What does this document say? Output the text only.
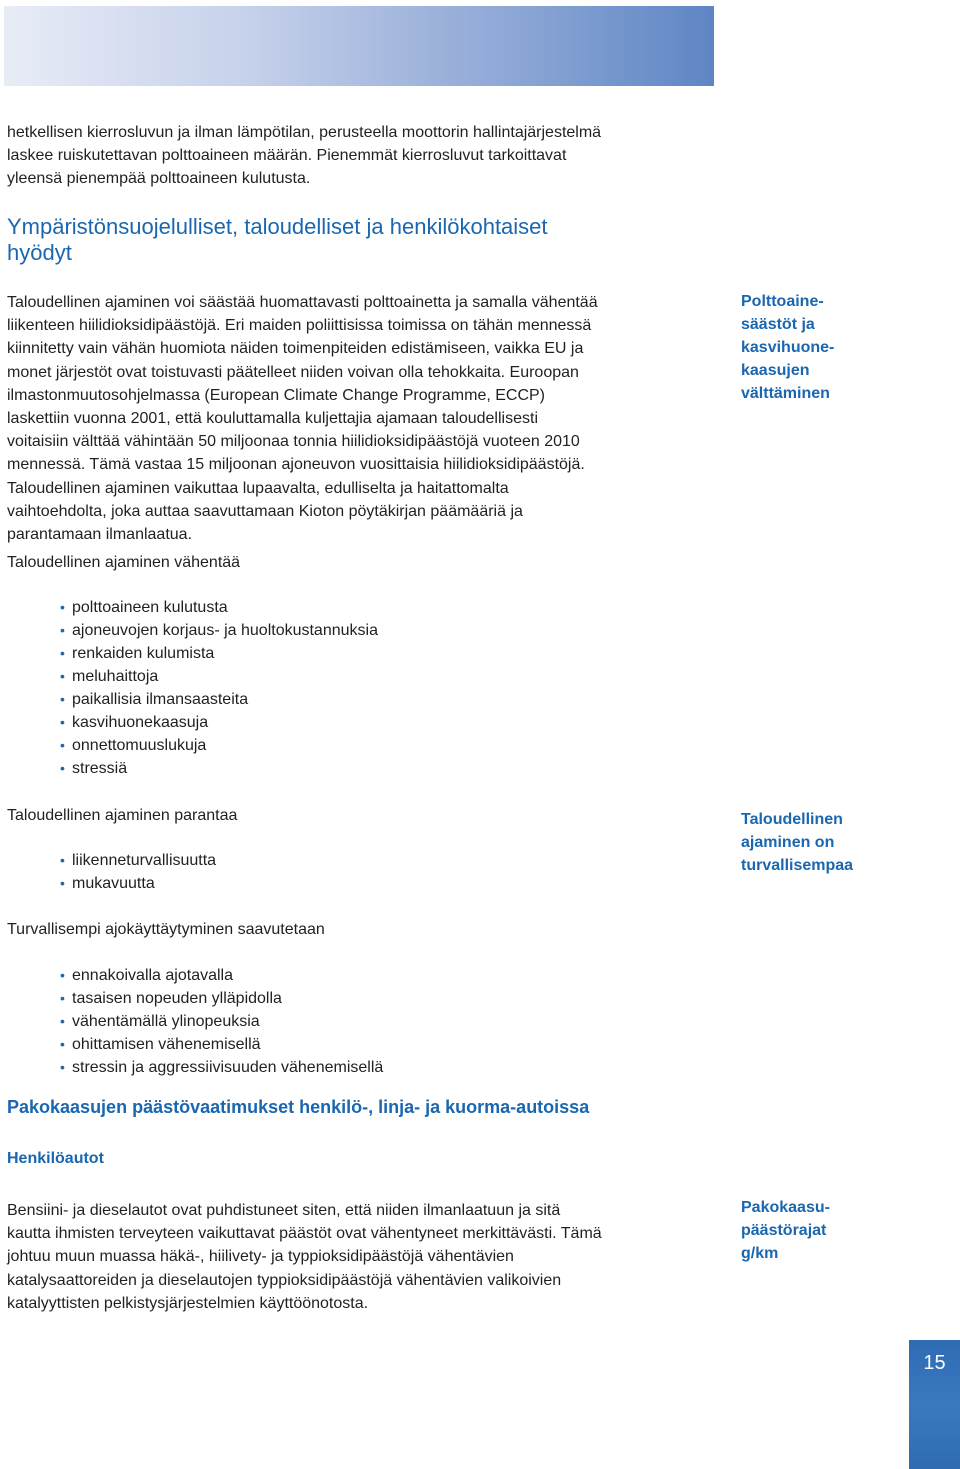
hetkellisen kierrosluvun ja ilman lämpötilan, perusteella moottorin hallintajärjestelmä
laskee ruiskutettavan polttoaineen määrän. Pienemmät kierrosluvut tarkoittavat
yleensä pienempää polttoaineen kulutusta.

Ympäristönsuojelulliset, taloudelliset ja henkilökohtaiset
hyödyt

Taloudellinen ajaminen voi säästää huomattavasti polttoainetta ja samalla vähentää
liikenteen hiilidioksidipäästöjä. Eri maiden poliittisissa toimissa on tähän mennessä
kiinnitetty vain vähän huomiota näiden toimenpiteiden edistämiseen, vaikka EU ja
monet järjestöt ovat toistuvasti päätelleet niiden voivan olla tehokkaita. Euroopan
ilmastonmuutosohjelmassa (European Climate Change Programme, ECCP)
laskettiin vuonna 2001, että kouluttamalla kuljettajia ajamaan taloudellisesti
voitaisiin välttää vähintään 50 miljoonaa tonnia hiilidioksidipäästöjä vuoteen 2010
mennessä. Tämä vastaa 15 miljoonan ajoneuvon vuosittaisia hiilidioksidipäästöjä.
Taloudellinen ajaminen vaikuttaa lupaavalta, edulliselta ja haitattomalta
vaihtoehdolta, joka auttaa saavuttamaan Kioton pöytäkirjan päämääriä ja
parantamaan ilmanlaatua.

Taloudellinen ajaminen vähentää

• polttoaineen kulutusta
• ajoneuvojen korjaus- ja huoltokustannuksia
• renkaiden kulumista
• meluhaittoja
• paikallisia ilmansaasteita
• kasvihuonekaasuja
• onnettomuuslukuja
• stressiä

Taloudellinen ajaminen parantaa

• liikenneturvallisuutta
• mukavuutta

Turvallisempi ajokäyttäytyminen saavutetaan

• ennakoivalla ajotavalla
• tasaisen nopeuden ylläpidolla
• vähentämällä ylinopeuksia
• ohittamisen vähenemisellä
• stressin ja aggressiivisuuden vähenemisellä
Pakokaasujen päästövaatimukset henkilö-, linja- ja kuorma-autoissa
Henkilöautot

Bensiini- ja dieselautot ovat puhdistuneet siten, että niiden ilmanlaatuun ja sitä
kautta ihmisten terveyteen vaikuttavat päästöt ovat vähentyneet merkittävästi. Tämä
johtuu muun muassa häkä-, hiilivety- ja typpioksidipäästöjä vähentävien
katalysaattoreiden ja dieselautojen typpioksidipäästöjä vähentävien valikoivien
katalyyttisten pelkistysjärjestelmien käyttöönotosta.

Polttoaine-
säästöt ja
kasvihuone-
kaasujen
välttäminen

Taloudellinen
ajaminen on
turvallisempaa

Pakokaasu-
päästörajat
g/km

15
